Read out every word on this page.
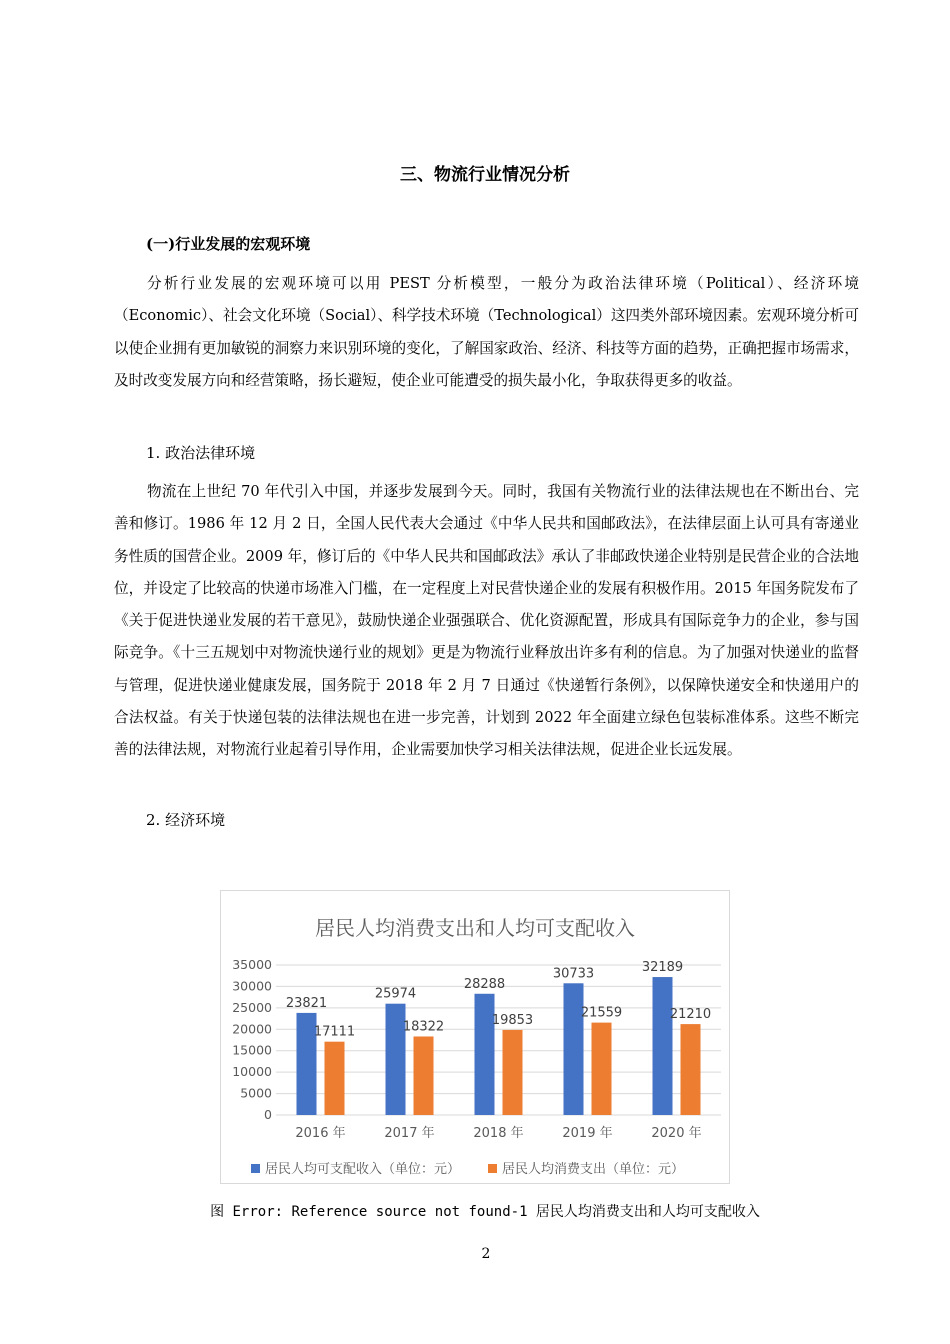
三、物流行业情况分析
(一)行业发展的宏观环境

分析行业发展的宏观环境可以用 PEST 分析模型，一般分为政治法律环境（Political）、经济环境（Economic）、社会文化环境（Social）、科学技术环境（Technological）这四类外部环境因素。宏观环境分析可以使企业拥有更加敏锐的洞察力来识别环境的变化，了解国家政治、经济、科技等方面的趋势，正确把握市场需求，及时改变发展方向和经营策略，扬长避短，使企业可能遭受的损失最小化，争取获得更多的收益。

1. 政治法律环境

物流在上世纪 70 年代引入中国，并逐步发展到今天。同时，我国有关物流行业的法律法规也在不断出台、完善和修订。1986 年 12 月 2 日，全国人民代表大会通过《中华人民共和国邮政法》，在法律层面上认可具有寄递业务性质的国营企业。2009 年，修订后的《中华人民共和国邮政法》承认了非邮政快递企业特别是民营企业的合法地位，并设定了比较高的快递市场准入门槛，在一定程度上对民营快递企业的发展有积极作用。2015 年国务院发布了《关于促进快递业发展的若干意见》，鼓励快递企业强强联合、优化资源配置，形成具有国际竞争力的企业，参与国际竞争。《十三五规划中对物流快递行业的规划》更是为物流行业释放出许多有利的信息。为了加强对快递业的监督与管理，促进快递业健康发展，国务院于 2018 年 2 月 7 日通过《快递暂行条例》，以保障快递安全和快递用户的合法权益。有关于快递包装的法律法规也在进一步完善，计划到 2022 年全面建立绿色包装标准体系。这些不断完善的法律法规，对物流行业起着引导作用，企业需要加快学习相关法律法规，促进企业长远发展。

2. 经济环境
居民人均消费支出和人均可支配收入
0
5000
10000
15000
20000
25000
30000
35000
23821
17111
2016 年
25974
18322
2017 年
28288
19853
2018 年
30733
21559
2019 年
32189
21210
2020 年
居民人均可支配收入（单位：元）	居民人均消费支出（单位：元）
图 Error: Reference source not found-1 居民人均消费支出和人均可支配收入
2
